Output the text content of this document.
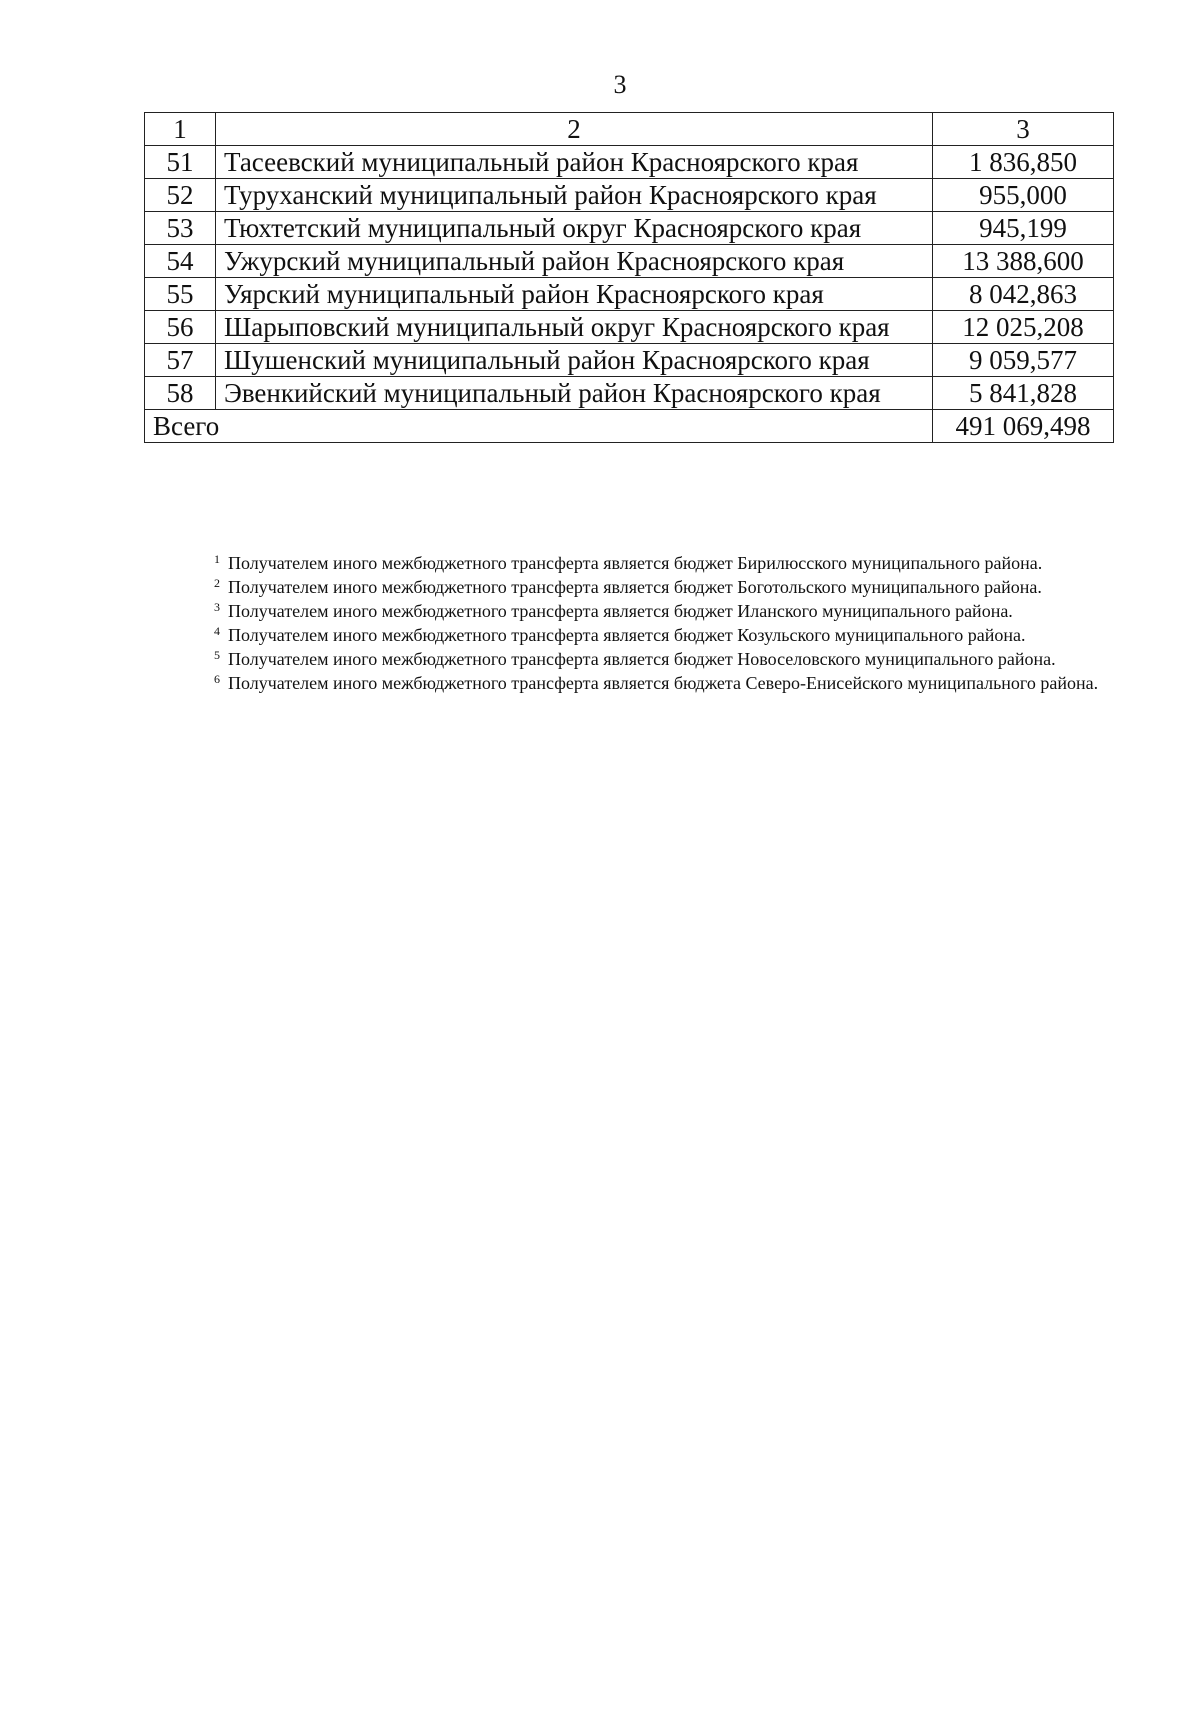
3
1	2	3
51	Тасеевский муниципальный район Красноярского края	1 836,850
52	Туруханский муниципальный район Красноярского края	955,000
53	Тюхтетский муниципальный округ Красноярского края	945,199
54	Ужурский муниципальный район Красноярского края	13 388,600
55	Уярский муниципальный район Красноярского края	8 042,863
56	Шарыповский муниципальный округ Красноярского края	12 025,208
57	Шушенский муниципальный район Красноярского края	9 059,577
58	Эвенкийский муниципальный район Красноярского края	5 841,828
Всего		491 069,498

$^1$ Получателем иного межбюджетного трансферта является бюджет Бирилюсского муниципального района.

$^2$ Получателем иного межбюджетного трансферта является бюджет Боготольского муниципального района.

$^3$ Получателем иного межбюджетного трансферта является бюджет Иланского муниципального района.

$^4$ Получателем иного межбюджетного трансферта является бюджет Козульского муниципального района.

$^5$ Получателем иного межбюджетного трансферта является бюджет Новоселовского муниципального района.

$^6$ Получателем иного межбюджетного трансферта является бюджета Северо-Енисейского муниципального района.
